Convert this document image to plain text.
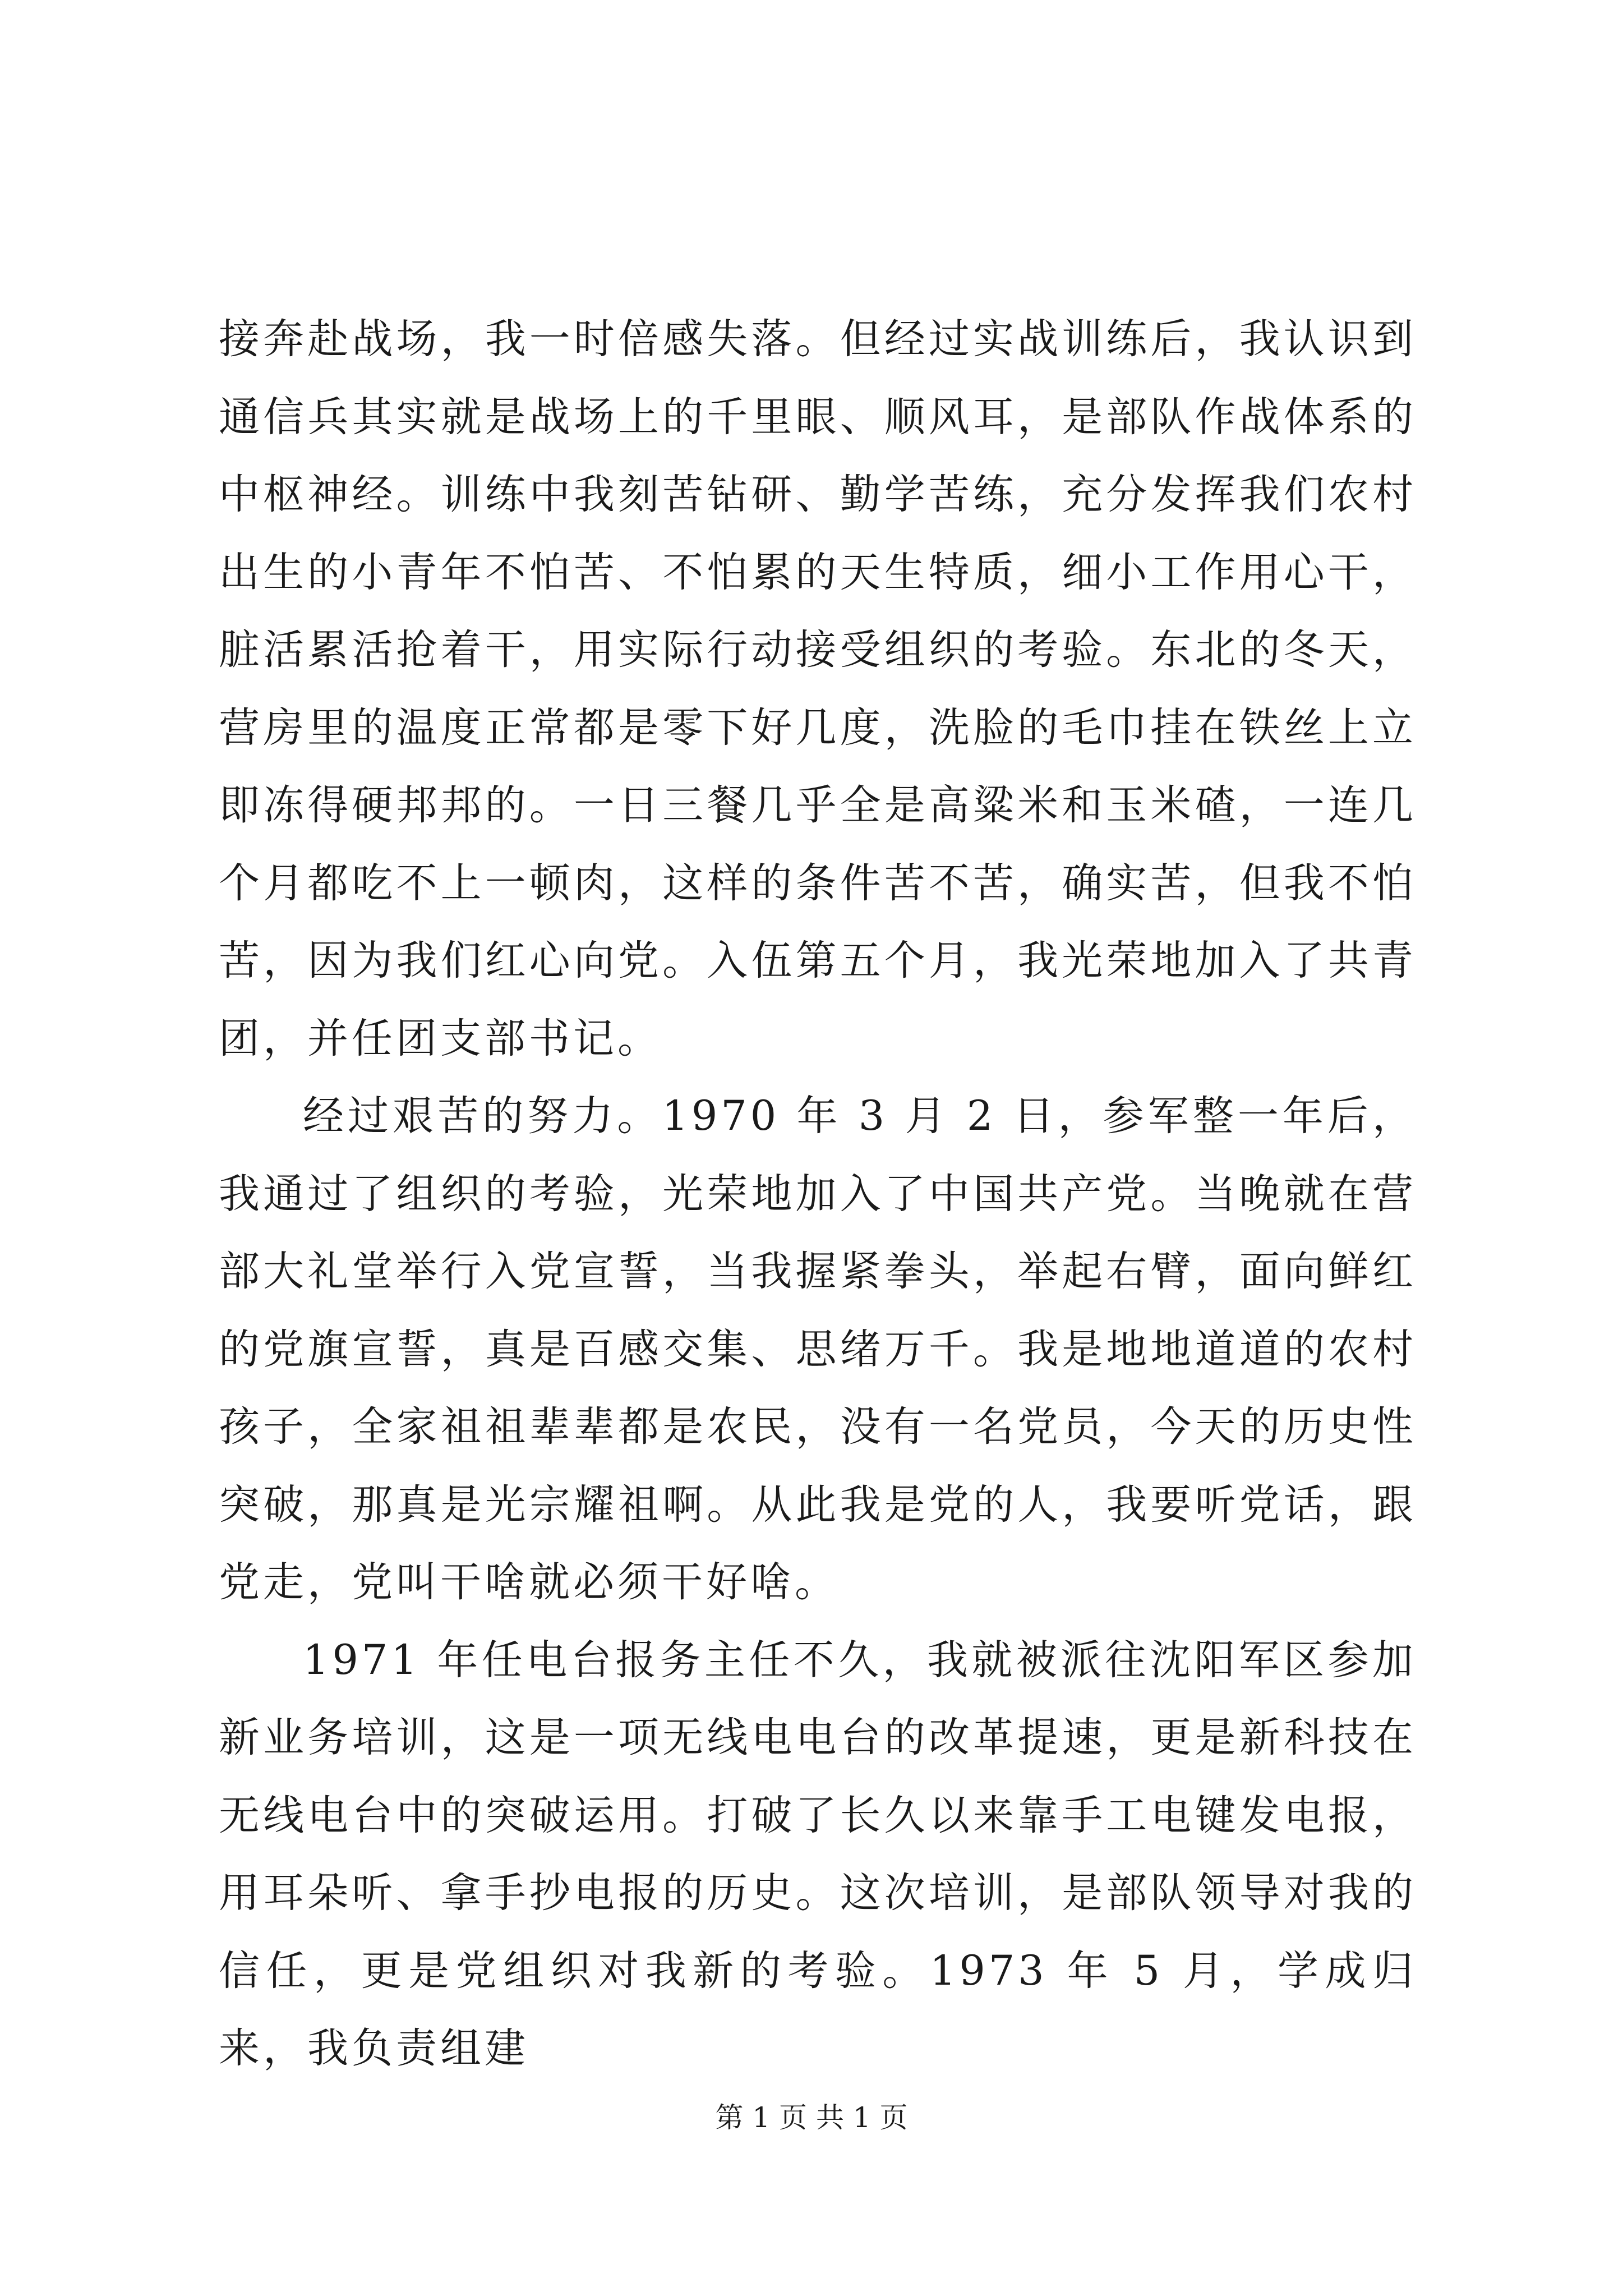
接奔赴战场，我一时倍感失落。但经过实战训练后，我认识到通信兵其实就是战场上的千里眼、顺风耳，是部队作战体系的中枢神经。训练中我刻苦钻研、勤学苦练，充分发挥我们农村出生的小青年不怕苦、不怕累的天生特质，细小工作用心干，脏活累活抢着干，用实际行动接受组织的考验。东北的冬天，营房里的温度正常都是零下好几度，洗脸的毛巾挂在铁丝上立即冻得硬邦邦的。一日三餐几乎全是高粱米和玉米碴，一连几个月都吃不上一顿肉，这样的条件苦不苦，确实苦，但我不怕苦，因为我们红心向党。入伍第五个月，我光荣地加入了共青团，并任团支部书记。

经过艰苦的努力。1970 年 3 月 2 日，参军整一年后，我通过了组织的考验，光荣地加入了中国共产党。当晚就在营部大礼堂举行入党宣誓，当我握紧拳头，举起右臂，面向鲜红的党旗宣誓，真是百感交集、思绪万千。我是地地道道的农村孩子，全家祖祖辈辈都是农民，没有一名党员，今天的历史性突破，那真是光宗耀祖啊。从此我是党的人，我要听党话，跟党走，党叫干啥就必须干好啥。

1971 年任电台报务主任不久，我就被派往沈阳军区参加新业务培训，这是一项无线电电台的改革提速，更是新科技在无线电台中的突破运用。打破了长久以来靠手工电键发电报，用耳朵听、拿手抄电报的历史。这次培训，是部队领导对我的信任，更是党组织对我新的考验。1973 年 5 月，学成归来，我负责组建

第 1 页 共 1 页
